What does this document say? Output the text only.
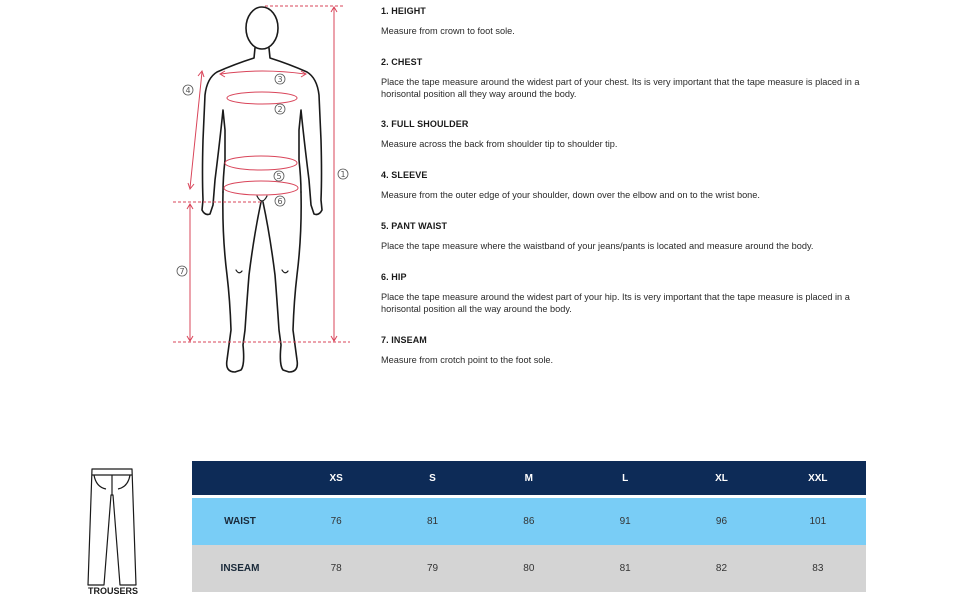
1
2
3
4
5
6
7
1. HEIGHT
Measure from crown to foot sole.
2. CHEST
Place the tape measure around the widest part of your chest. Its is very important that the tape measure is placed in a horisontal position all they way around the body.
3. FULL SHOULDER
Measure across the back from shoulder tip to shoulder tip.
4. SLEEVE
Measure from the outer edge of your shoulder, down over the elbow and on to the wrist bone.
5. PANT WAIST
Place the tape measure where the waistband of your jeans/pants is located and measure around the body.
6. HIP
Place the tape measure around the widest part of your hip. Its is very important that the tape measure is placed in a horisontal position all the way around the body.
7. INSEAM
Measure from crotch point to the foot sole.
TROUSERS
	XS	S	M	L	XL	XXL

WAIST	76	81	86	91	96	101
INSEAM	78	79	80	81	82	83
